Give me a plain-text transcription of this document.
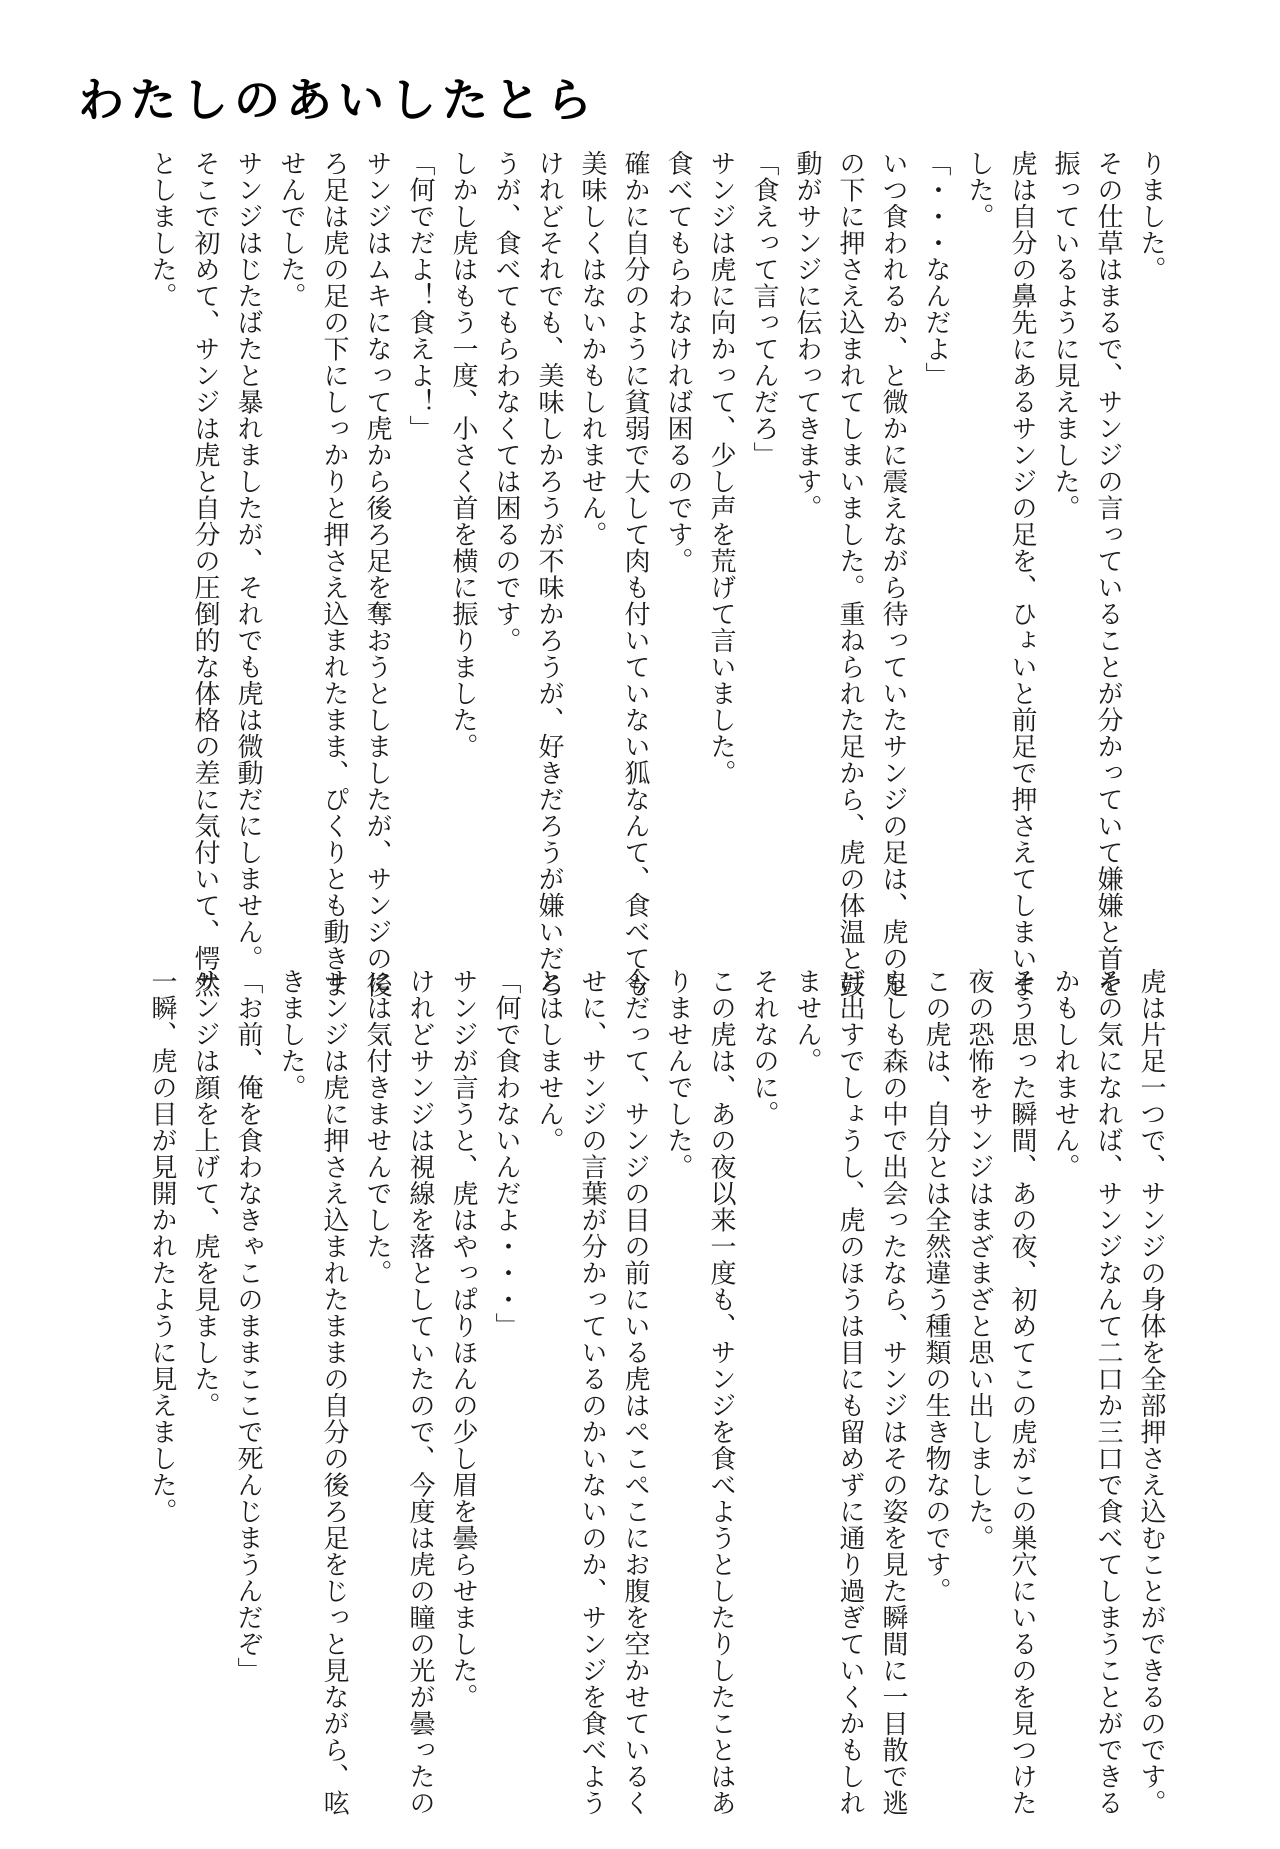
わたしのあいしたとら
りました。
その仕草はまるで、サンジの言っていることが分かっていて嫌嫌と首を
振っているように見えました。
虎は自分の鼻先にあるサンジの足を、ひょいと前足で押さえてしまいま
した。
「・・・なんだよ」
いつ食われるか、と微かに震えながら待っていたサンジの足は、虎の足
の下に押さえ込まれてしまいました。重ねられた足から、虎の体温と鼓
動がサンジに伝わってきます。
「食えって言ってんだろ」
サンジは虎に向かって、少し声を荒げて言いました。
食べてもらわなければ困るのです。
確かに自分のように貧弱で大して肉も付いていない狐なんて、食べても
美味しくはないかもしれません。
けれどそれでも、美味しかろうが不味かろうが、好きだろうが嫌いだろ
うが、食べてもらわなくては困るのです。
しかし虎はもう一度、小さく首を横に振りました。
「何でだよ！食えよ！」
サンジはムキになって虎から後ろ足を奪おうとしましたが、サンジの後
ろ足は虎の足の下にしっかりと押さえ込まれたまま、ぴくりとも動きま
せんでした。
サンジはじたばたと暴れましたが、それでも虎は微動だにしません。
そこで初めて、サンジは虎と自分の圧倒的な体格の差に気付いて、愕然
としました。
虎は片足一つで、サンジの身体を全部押さえ込むことができるのです。
その気になれば、サンジなんて二口か三口で食べてしまうことができる
かもしれません。
そう思った瞬間、あの夜、初めてこの虎がこの巣穴にいるのを見つけた
夜の恐怖をサンジはまざまざと思い出しました。
この虎は、自分とは全然違う種類の生き物なのです。
もしも森の中で出会ったなら、サンジはその姿を見た瞬間に一目散で逃
げ出すでしょうし、虎のほうは目にも留めずに通り過ぎていくかもしれ
ません。
それなのに。
この虎は、あの夜以来一度も、サンジを食べようとしたりしたことはあ
りませんでした。
今だって、サンジの目の前にいる虎はぺこぺこにお腹を空かせているく
せに、サンジの言葉が分かっているのかいないのか、サンジを食べよう
とはしません。
「何で食わないんだよ・・・」
サンジが言うと、虎はやっぱりほんの少し眉を曇らせました。
けれどサンジは視線を落としていたので、今度は虎の瞳の光が曇ったの
には気付きませんでした。
サンジは虎に押さえ込まれたままの自分の後ろ足をじっと見ながら、呟
きました。
「お前、俺を食わなきゃこのままここで死んじまうんだぞ」
サンジは顔を上げて、虎を見ました。
一瞬、虎の目が見開かれたように見えました。
